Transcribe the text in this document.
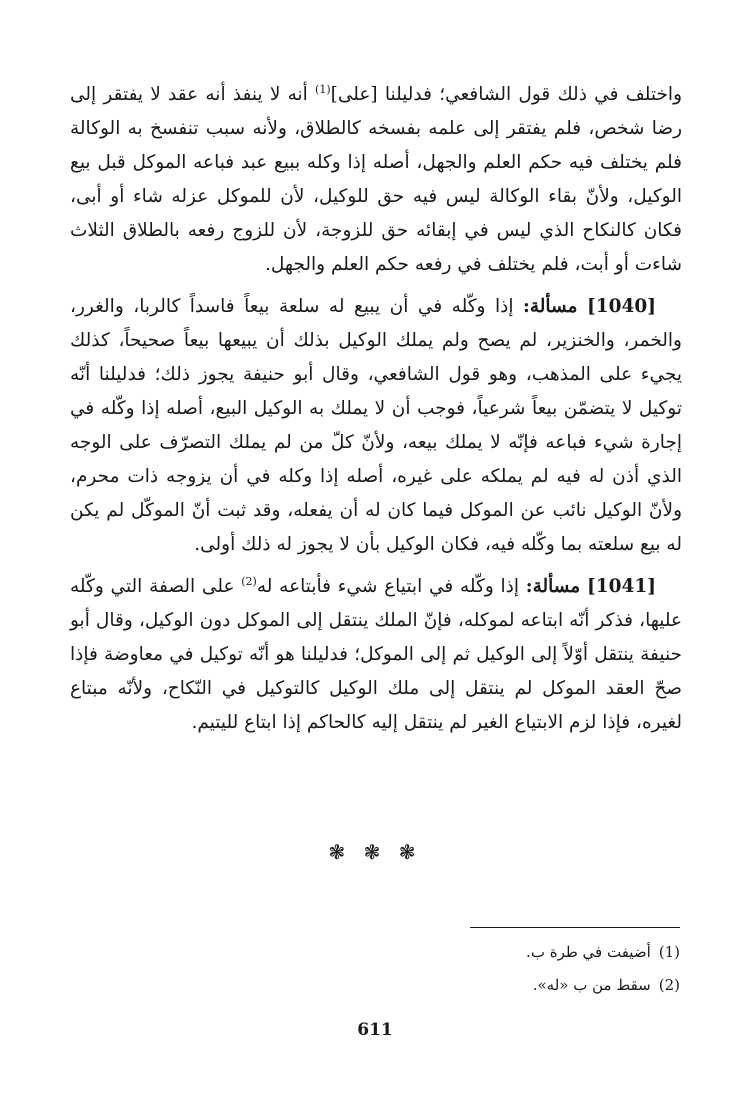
واختلف في ذلك قول الشافعي؛ فدليلنا [على]$^{(1)}$ أنه لا ينفذ أنه عقد لا يفتقر إلى رضا شخص، فلم يفتقر إلى علمه بفسخه كالطلاق، ولأنه سبب تنفسخ به الوكالة فلم يختلف فيه حكم العلم والجهل، أصله إذا وكله ببيع عبد فباعه الموكل قبل بيع الوكيل، ولأنّ بقاء الوكالة ليس فيه حق للوكيل، لأن للموكل عزله شاء أو أبى، فكان كالنكاح الذي ليس في إبقائه حق للزوجة، لأن للزوج رفعه بالطلاق الثلاث شاءت أو أبت، فلم يختلف في رفعه حكم العلم والجهل.

[1040] مسألة: إذا وكّله في أن يبيع له سلعة بيعاً فاسداً كالربا، والغرر، والخمر، والخنزير، لم يصح ولم يملك الوكيل بذلك أن يبيعها بيعاً صحيحاً، كذلك يجيء على المذهب، وهو قول الشافعي، وقال أبو حنيفة يجوز ذلك؛ فدليلنا أنّه توكيل لا يتضمّن بيعاً شرعياً، فوجب أن لا يملك به الوكيل البيع، أصله إذا وكّله في إجارة شيء فباعه فإنّه لا يملك بيعه، ولأنّ كلّ من لم يملك التصرّف على الوجه الذي أذن له فيه لم يملكه على غيره، أصله إذا وكله في أن يزوجه ذات محرم، ولأنّ الوكيل نائب عن الموكل فيما كان له أن يفعله، وقد ثبت أنّ الموكّل لم يكن له بيع سلعته بما وكّله فيه، فكان الوكيل بأن لا يجوز له ذلك أولى.

[1041] مسألة: إذا وكّله في ابتياع شيء فأبتاعه له$^{(2)}$ على الصفة التي وكّله عليها، فذكر أنّه ابتاعه لموكله، فإنّ الملك ينتقل إلى الموكل دون الوكيل، وقال أبو حنيفة ينتقل أوّلاً إلى الوكيل ثم إلى الموكل؛ فدليلنا هو أنّه توكيل في معاوضة فإذا صحّ العقد الموكل لم ينتقل إلى ملك الوكيل كالتوكيل في النّكاح، ولأنّه مبتاع لغيره، فإذا لزم الابتياع الغير لم ينتقل إليه كالحاكم إذا ابتاع لليتيم.

❃ ❃ ❃
(1)أضيفت في طرة ب.
(2)سقط من ب «له».
611
